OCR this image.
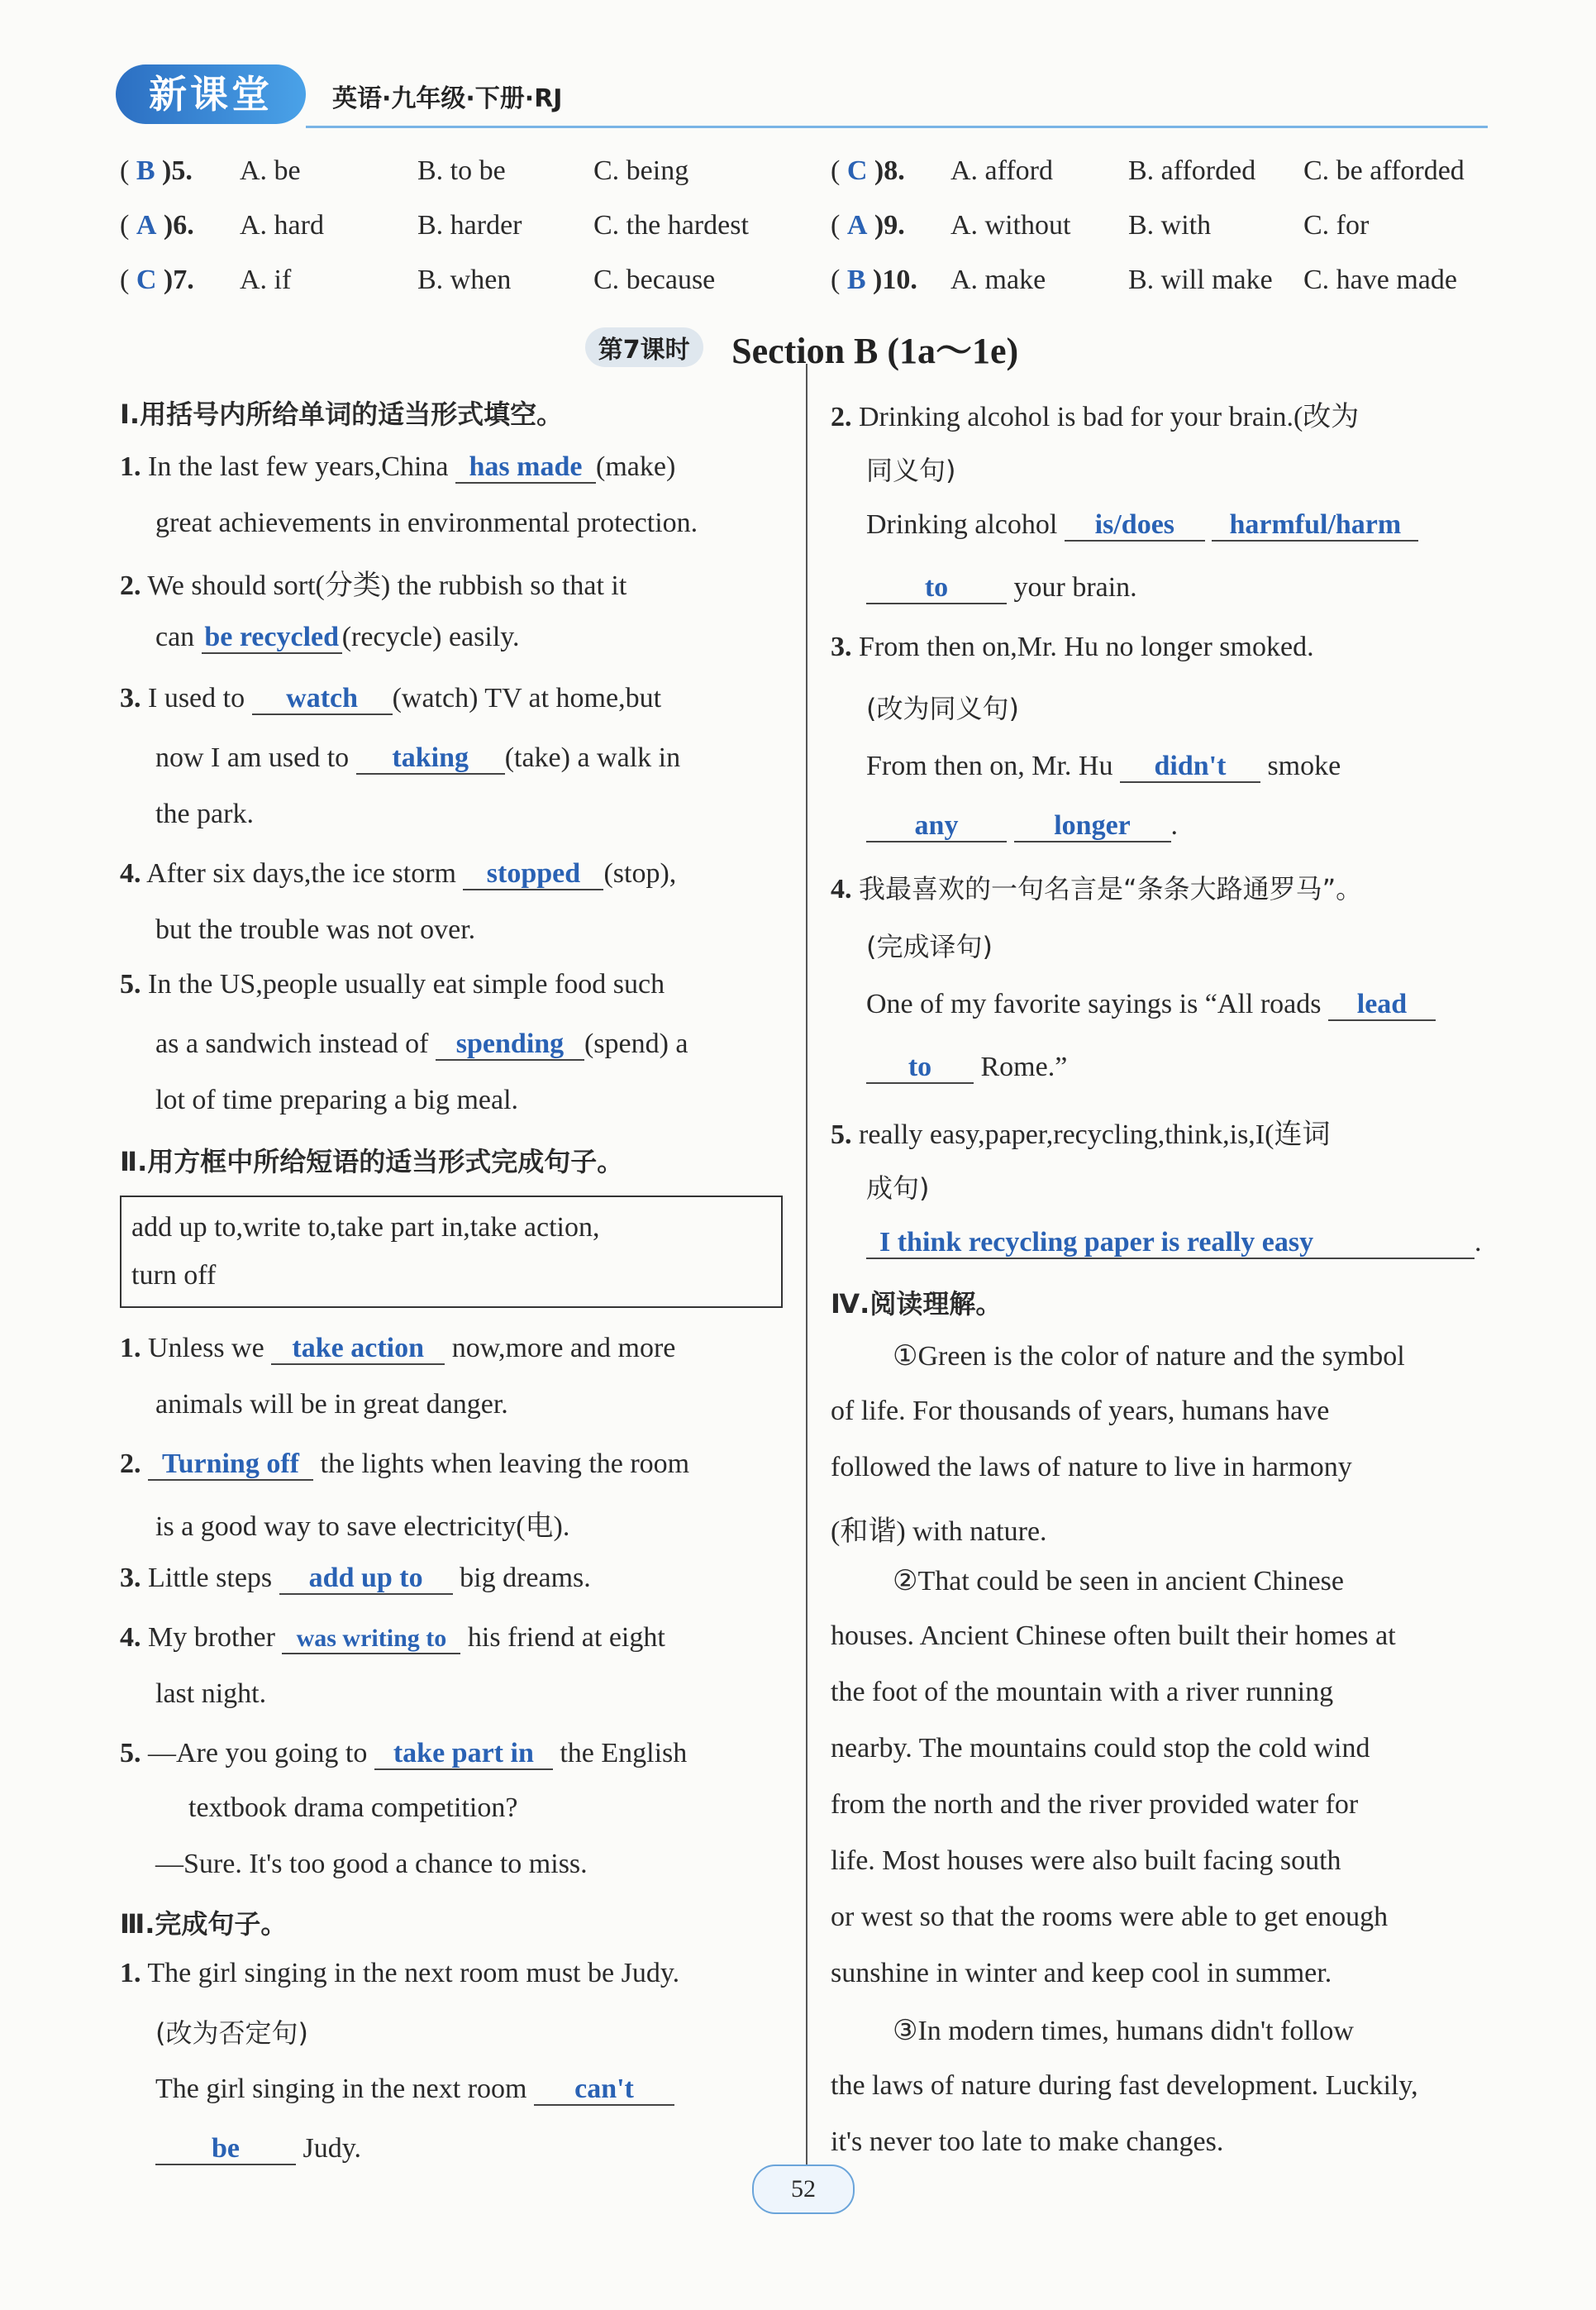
新课堂	英语·九年级·下册·RJ
( B )5. A. be	B. to be	C. being
( A )6. A. hard	B. harder	C. the hardest
( C )7. A. if	B. when	C. because
( C )8. A. afford	B. afforded C. be afforded
( A )9. A. without B. with	C. for
( B )10. A. make	B. will make C. have made
第7课时 Section B (1a～1e)
Ⅰ.用括号内所给单词的适当形式填空。
1. In the last few years,China has made (make)
great achievements in environmental protection.
2. We should sort(分类) the rubbish so that it
can be recycled (recycle) easily.
3. I used to watch (watch) TV at home,but
now I am used to taking (take) a walk in
the park.
4. After six days,the ice storm stopped (stop),
but the trouble was not over.
5. In the US,people usually eat simple food such
as a sandwich instead of spending (spend) a
lot of time preparing a big meal.
Ⅱ.用方框中所给短语的适当形式完成句子。
add up to,write to,take part in,take action,
turn off
1. Unless we take action now,more and more
animals will be in great danger.
2. Turning off the lights when leaving the room
is a good way to save electricity(电).
3. Little steps add up to big dreams.
4. My brother was writing to his friend at eight
last night.
5. —Are you going to take part in the English
textbook drama competition?
—Sure. It's too good a chance to miss.
Ⅲ.完成句子。
1. The girl singing in the next room must be Judy.
(改为否定句)
The girl singing in the next room can't
be Judy.
2. Drinking alcohol is bad for your brain.(改为
同义句)
Drinking alcohol is/does harmful/harm
to your brain.
3. From then on,Mr. Hu no longer smoked.
(改为同义句)
From then on, Mr. Hu didn't smoke
any	longer .
4. 我最喜欢的一句名言是“条条大路通罗马”。
(完成译句)
One of my favorite sayings is “All roads lead
to Rome.”
5. really easy,paper,recycling,think,is,I(连词
成句)
I think recycling paper is really easy	.
Ⅳ.阅读理解。
①Green is the color of nature and the symbol
of life. For thousands of years, humans have
followed the laws of nature to live in harmony
(和谐) with nature.
②That could be seen in ancient Chinese
houses. Ancient Chinese often built their homes at
the foot of the mountain with a river running
nearby. The mountains could stop the cold wind
from the north and the river provided water for
life. Most houses were also built facing south
or west so that the rooms were able to get enough
sunshine in winter and keep cool in summer.
③In modern times, humans didn't follow
the laws of nature during fast development. Luckily,
it's never too late to make changes.
52
